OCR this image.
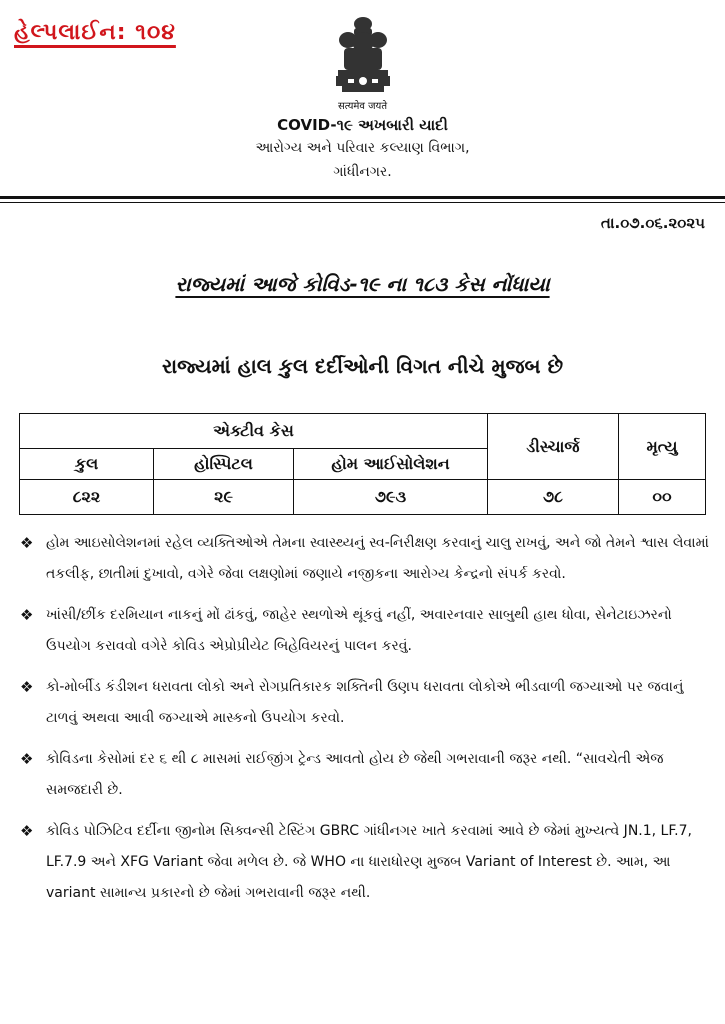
હેલ્પલાઈન: ૧૦૪
सत्यमेव जयते
COVID-૧૯ અખબારી યાદી
આરોગ્ય અને પરિવાર કલ્યાણ વિભાગ,
ગાંધીનગર.
તા.૦૭.૦૬.૨૦૨૫
રાજ્યમાં આજે કોવિડ-૧૯ ના ૧૮૩ કેસ નોંધાયા
રાજ્યમાં હાલ કુલ દર્દીઓની વિગત નીચે મુજબ છે
એક્ટીવ કેસ			ડીસ્ચાર્જ	મૃત્યુ
કુલ	હોસ્પિટલ	હોમ આઈસોલેશન		
૮૨૨	૨૯	૭૯૩	૭૮	૦૦
❖ હોમ આઇસોલેશનમાં રહેલ વ્યક્તિઓએ તેમના સ્વાસ્થ્યનું સ્વ-નિરીક્ષણ કરવાનું ચાલુ રાખવું, અને જો તેમને શ્વાસ લેવામાં તકલીફ, છાતીમાં દુખાવો, વગેરે જેવા લક્ષણોમાં જણાયે નજીકના આરોગ્ય કેન્દ્રનો સંપર્ક કરવો.
❖ ખાંસી/છીંક દરમિયાન નાકનું મોં ઢાંકવું, જાહેર સ્થળોએ થૂંકવું નહીં, અવારનવાર સાબુથી હાથ ધોવા, સેનેટાઇઝરનો ઉપયોગ કરાવવો વગેરે કોવિડ એપ્રોપ્રીયેટ બિહેવિયરનું પાલન કરવું.
❖ કો-મોર્બીડ કંડીશન ધરાવતા લોકો અને રોગપ્રતિકારક શક્તિની ઉણપ ધરાવતા લોકોએ ભીડવાળી જગ્યાઓ પર જવાનું ટાળવું અથવા આવી જગ્યાએ માસ્કનો ઉપયોગ કરવો.
❖ કોવિડના કેસોમાં દર ૬ થી ૮ માસમાં રાઈજીંગ ટ્રેન્ડ આવતો હોય છે જેથી ગભરાવાની જરૂર નથી. “સાવચેતી એજ સમજદારી છે.
❖ કોવિડ પોઝિટિવ દર્દીના જીનોમ સિક્વન્સી ટેસ્ટિંગ GBRC ગાંધીનગર ખાતે કરવામાં આવે છે જેમાં મુખ્યત્વે JN.1, LF.7, LF.7.9 અને XFG Variant જેવા મળેલ છે. જે WHO ના ધારાધોરણ મુજબ Variant of Interest છે. આમ, આ variant સામાન્ય પ્રકારનો છે જેમાં ગભરાવાની જરૂર નથી.
